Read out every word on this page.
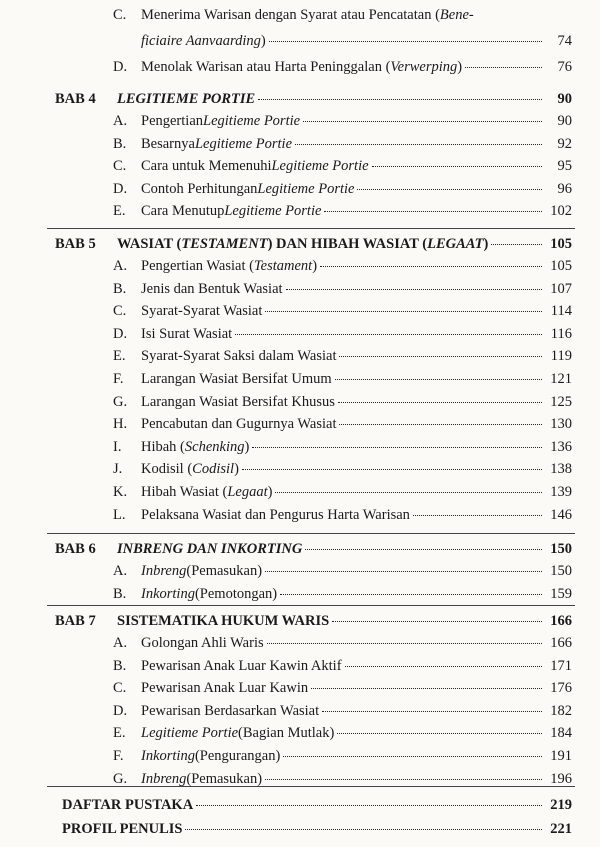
C.	Menerima Warisan dengan Syarat atau Pencatatan ( Bene-
ficiaire Aanvaarding )	74
D. Menolak Warisan atau Harta Peninggalan ( Verwerping )	76
BAB 4	LEGITIEME PORTIE	90
A. Pengertian Legitieme Portie	90
B.	Besarnya Legitieme Portie	92
C.	Cara untuk Memenuhi Legitieme Portie	95
D. Contoh Perhitungan Legitieme Portie	96
E.	Cara Menutup Legitieme Portie	102
BAB 5	WASIAT (TESTAMENT) DAN HIBAH WASIAT (LEGAAT)	105
A. Pengertian Wasiat ( Testament )	105
B.	Jenis dan Bentuk Wasiat	107
C.	Syarat-Syarat Wasiat	114
D. Isi Surat Wasiat	116
E.	Syarat-Syarat Saksi dalam Wasiat	119
F.	Larangan Wasiat Bersifat Umum	121
G. Larangan Wasiat Bersifat Khusus	125
H. Pencabutan dan Gugurnya Wasiat	130
I.	Hibah ( Schenking )	136
J.	Kodisil ( Codisil )	138
K. Hibah Wasiat ( Legaat )	139
L.	Pelaksana Wasiat dan Pengurus Harta Warisan	146
BAB 6	INBRENG DAN INKORTING	150
A. Inbreng (Pemasukan)	150
B.	Inkorting (Pemotongan)	159
BAB 7	SISTEMATIKA HUKUM WARIS	166
A. Golongan Ahli Waris	166
B.	Pewarisan Anak Luar Kawin Aktif	171
C.	Pewarisan Anak Luar Kawin	176
D. Pewarisan Berdasarkan Wasiat	182
E.	Legitieme Portie (Bagian Mutlak)	184
F.	Inkorting (Pengurangan)	191
G. Inbreng (Pemasukan)	196
DAFTAR PUSTAKA	219
PROFIL PENULIS	221
